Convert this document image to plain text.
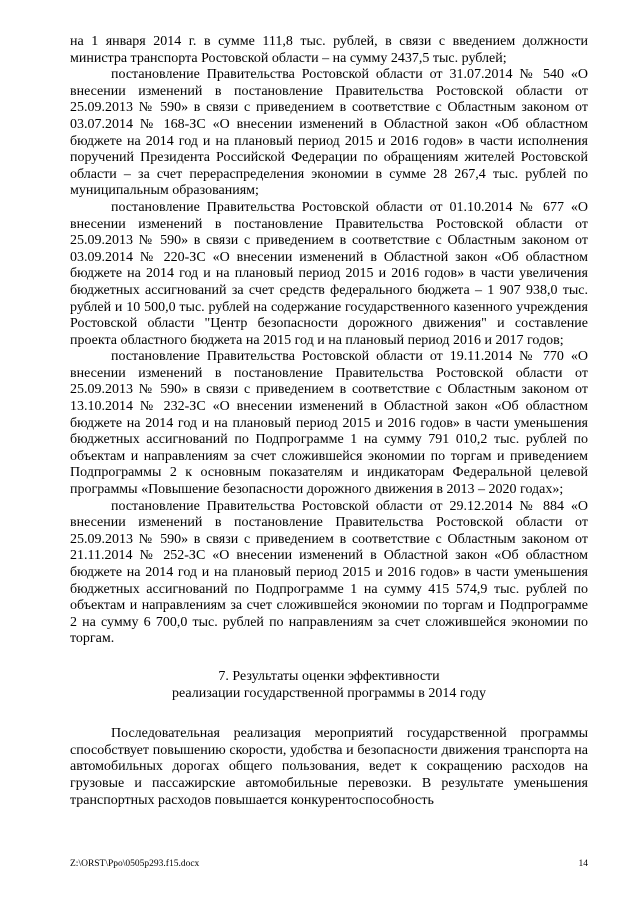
на 1 января 2014 г. в сумме 111,8 тыс. рублей, в связи с введением должности министра транспорта Ростовской области – на сумму 2437,5 тыс. рублей;

постановление Правительства Ростовской области от 31.07.2014 № 540 «О внесении изменений в постановление Правительства Ростовской области от 25.09.2013 № 590» в связи с приведением в соответствие с Областным законом от 03.07.2014 № 168-ЗС «О внесении изменений в Областной закон «Об областном бюджете на 2014 год и на плановый период 2015 и 2016 годов» в части исполнения поручений Президента Российской Федерации по обращениям жителей Ростовской области – за счет перераспределения экономии в сумме 28 267,4 тыс. рублей по муниципальным образованиям;

постановление Правительства Ростовской области от 01.10.2014 № 677 «О внесении изменений в постановление Правительства Ростовской области от 25.09.2013 № 590» в связи с приведением в соответствие с Областным законом от 03.09.2014 № 220-ЗС «О внесении изменений в Областной закон «Об областном бюджете на 2014 год и на плановый период 2015 и 2016 годов» в части увеличения бюджетных ассигнований за счет средств федерального бюджета – 1 907 938,0 тыс. рублей и 10 500,0 тыс. рублей на содержание государственного казенного учреждения Ростовской области "Центр безопасности дорожного движения" и составление проекта областного бюджета на 2015 год и на плановый период 2016 и 2017 годов;

постановление Правительства Ростовской области от 19.11.2014 № 770 «О внесении изменений в постановление Правительства Ростовской области от 25.09.2013 № 590» в связи с приведением в соответствие с Областным законом от 13.10.2014 № 232-ЗС «О внесении изменений в Областной закон «Об областном бюджете на 2014 год и на плановый период 2015 и 2016 годов» в части уменьшения бюджетных ассигнований по Подпрограмме 1 на сумму 791 010,2 тыс. рублей по объектам и направлениям за счет сложившейся экономии по торгам и приведением Подпрограммы 2 к основным показателям и индикаторам Федеральной целевой программы «Повышение безопасности дорожного движения в 2013 – 2020 годах»;

постановление Правительства Ростовской области от 29.12.2014 № 884 «О внесении изменений в постановление Правительства Ростовской области от 25.09.2013 № 590» в связи с приведением в соответствие с Областным законом от 21.11.2014 № 252-ЗС «О внесении изменений в Областной закон «Об областном бюджете на 2014 год и на плановый период 2015 и 2016 годов» в части уменьшения бюджетных ассигнований по Подпрограмме 1 на сумму 415 574,9 тыс. рублей по объектам и направлениям за счет сложившейся экономии по торгам и Подпрограмме 2 на сумму 6 700,0 тыс. рублей по направлениям за счет сложившейся экономии по торгам.

7. Результаты оценки эффективности
реализации государственной программы в 2014 году

Последовательная реализация мероприятий государственной программы способствует повышению скорости, удобства и безопасности движения транспорта на автомобильных дорогах общего пользования, ведет к сокращению расходов на грузовые и пассажирские автомобильные перевозки. В результате уменьшения транспортных расходов повышается конкурентоспособность

Z:\ORST\Ppo\0505p293.f15.docx	14
